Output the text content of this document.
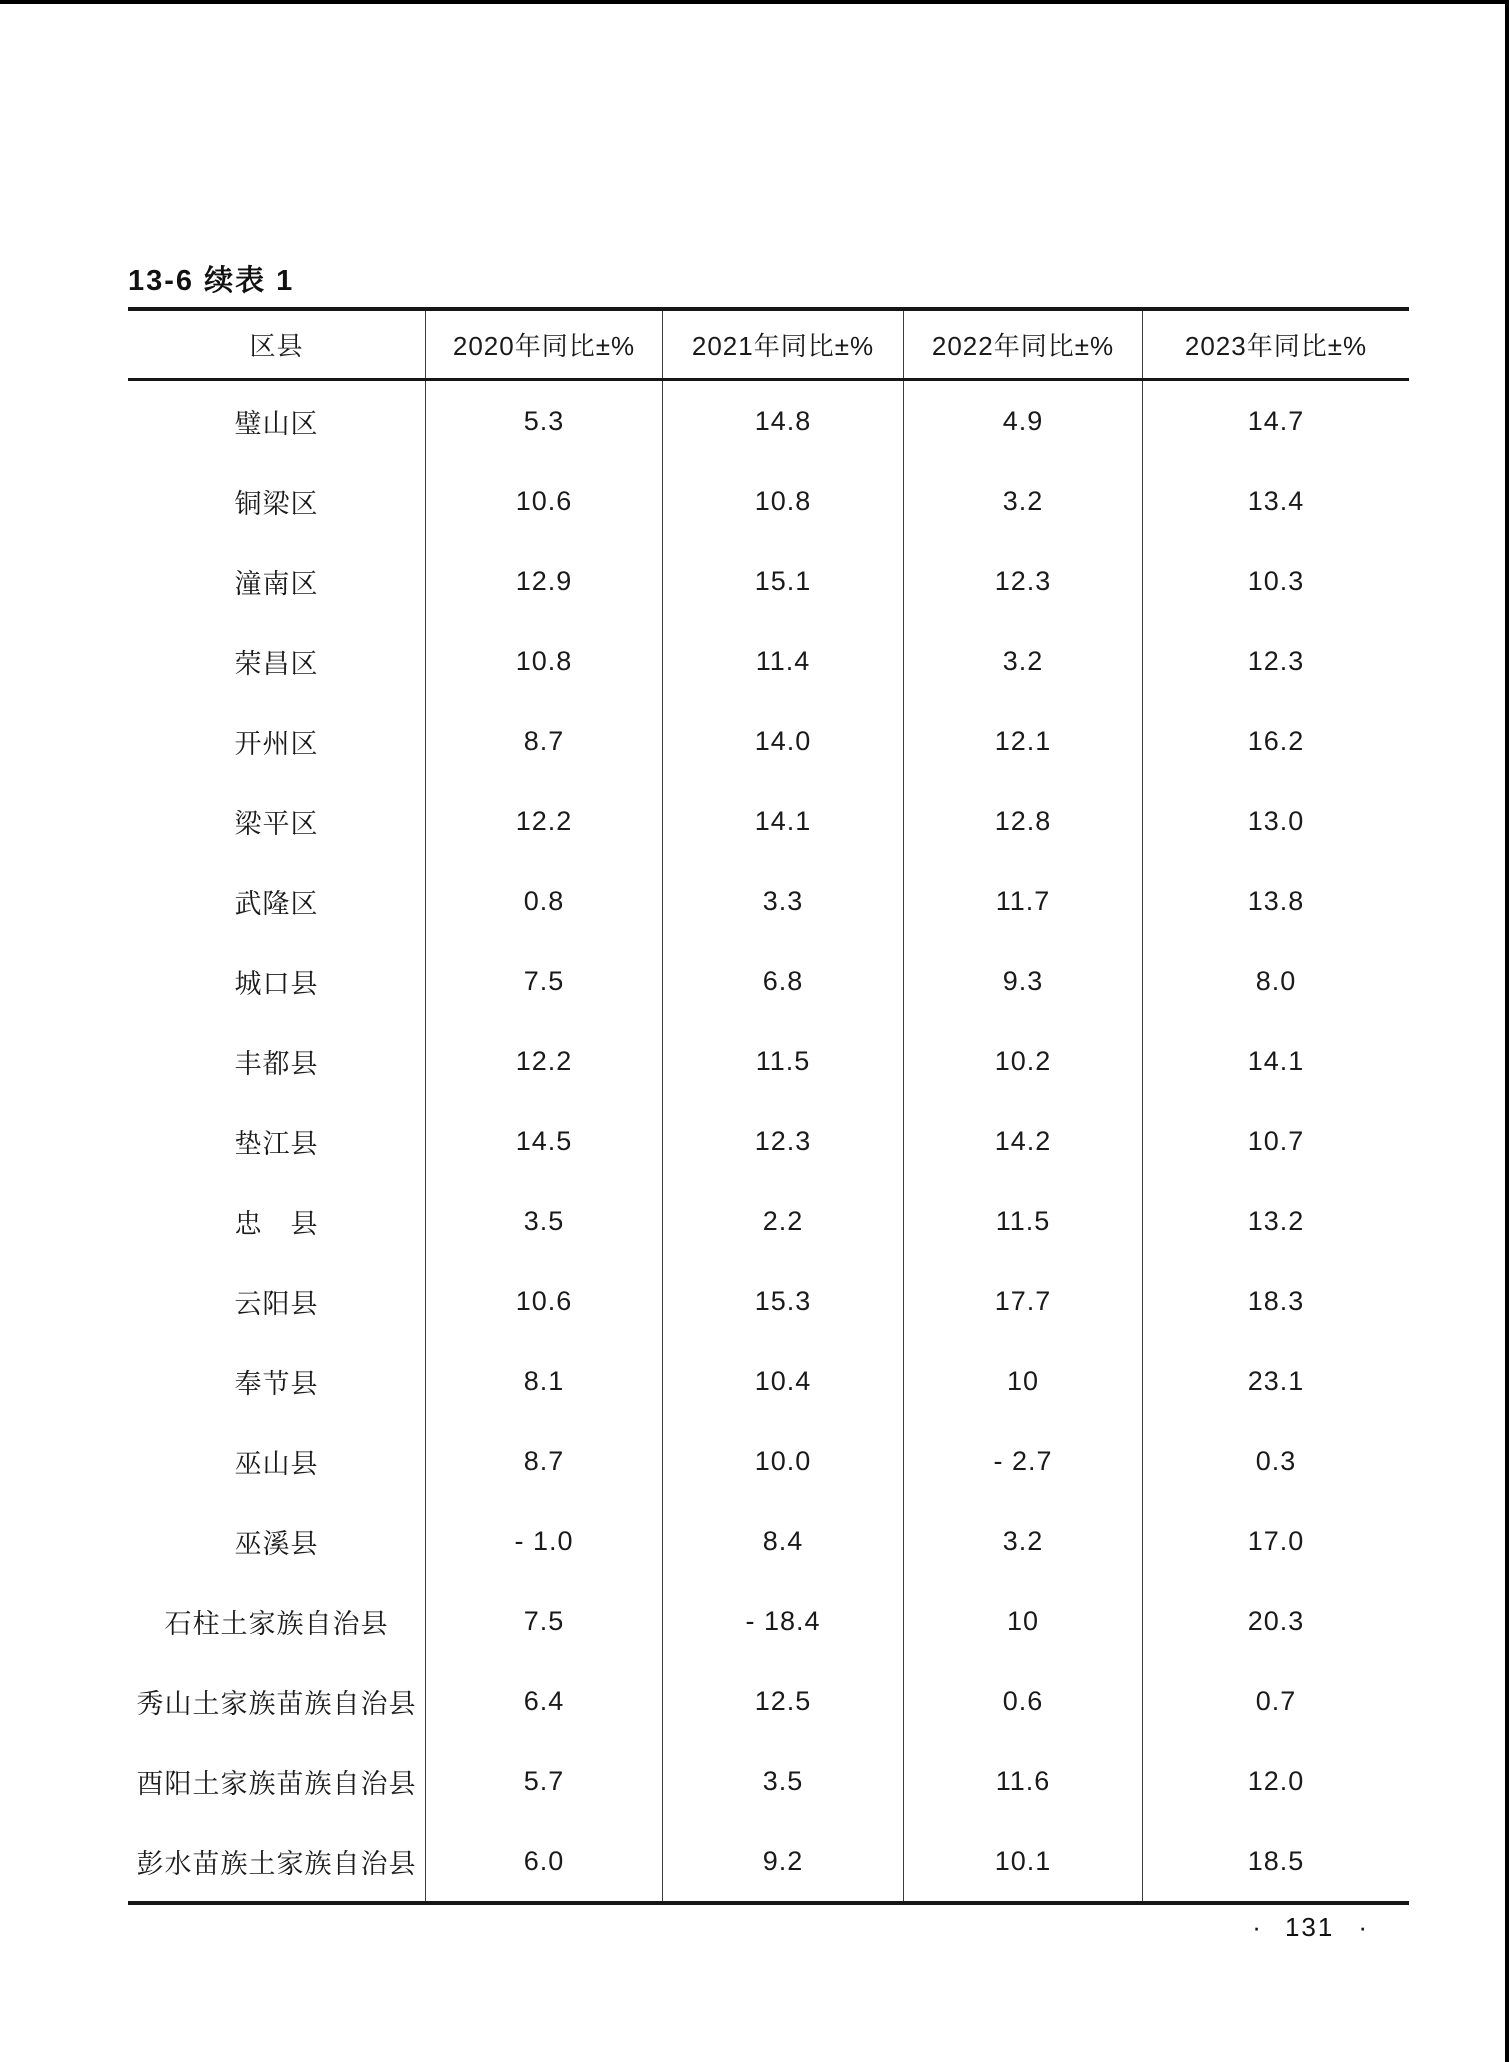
13-6 续表 1
区县	2020年同比±%	2021年同比±%	2022年同比±%	2023年同比±%
璧山区	5.3	14.8	4.9	14.7
铜梁区	10.6	10.8	3.2	13.4
潼南区	12.9	15.1	12.3	10.3
荣昌区	10.8	11.4	3.2	12.3
开州区	8.7	14.0	12.1	16.2
梁平区	12.2	14.1	12.8	13.0
武隆区	0.8	3.3	11.7	13.8
城口县	7.5	6.8	9.3	8.0
丰都县	12.2	11.5	10.2	14.1
垫江县	14.5	12.3	14.2	10.7
忠　县	3.5	2.2	11.5	13.2
云阳县	10.6	15.3	17.7	18.3
奉节县	8.1	10.4	10	23.1
巫山县	8.7	10.0	- 2.7	0.3
巫溪县	- 1.0	8.4	3.2	17.0
石柱土家族自治县	7.5	- 18.4	10	20.3
秀山土家族苗族自治县	6.4	12.5	0.6	0.7
酉阳土家族苗族自治县	5.7	3.5	11.6	12.0
彭水苗族土家族自治县	6.0	9.2	10.1	18.5
· 131 ·
